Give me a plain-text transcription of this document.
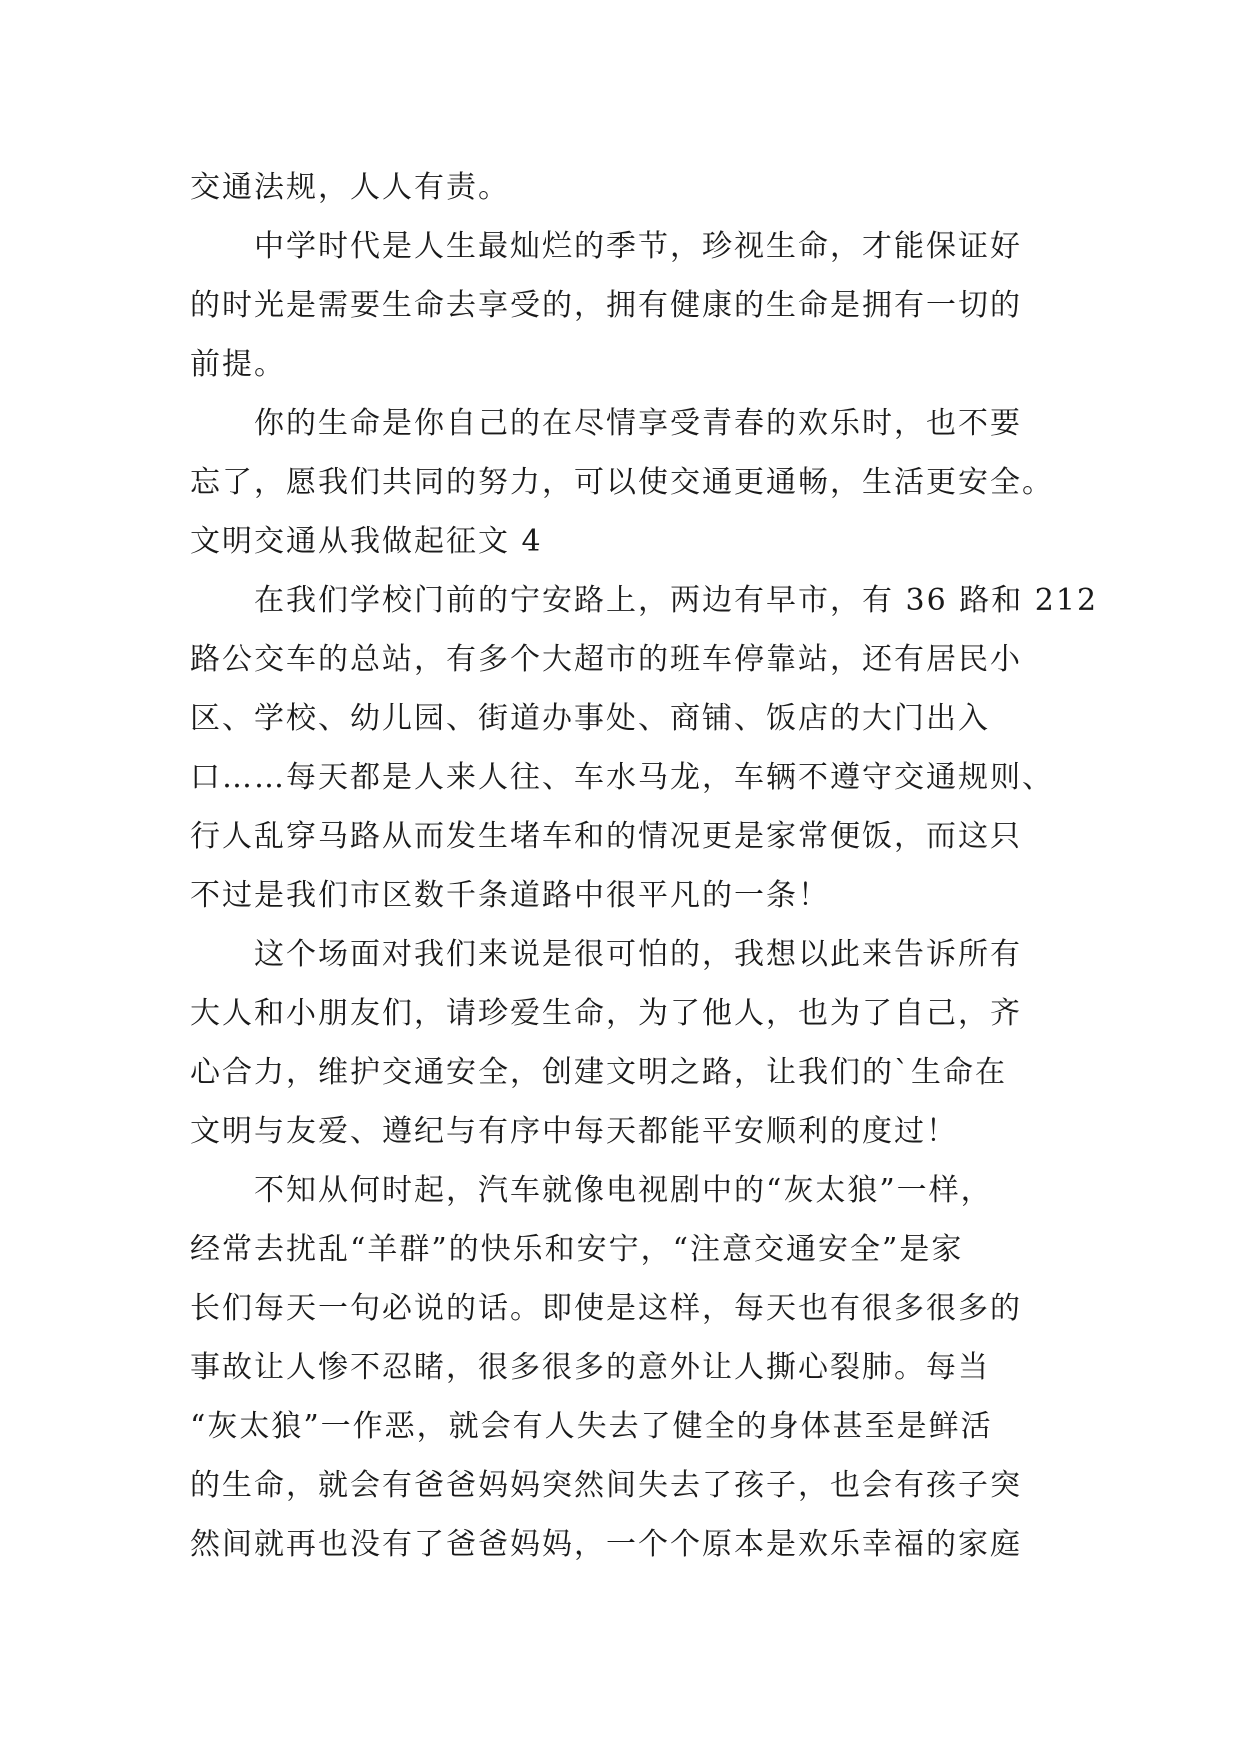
交通法规，人人有责。
中学时代是人生最灿烂的季节，珍视生命，才能保证好
的时光是需要生命去享受的，拥有健康的生命是拥有一切的
前提。
你的生命是你自己的在尽情享受青春的欢乐时，也不要
忘了，愿我们共同的努力，可以使交通更通畅，生活更安全。
文明交通从我做起征文 4
在我们学校门前的宁安路上，两边有早市，有 36 路和 212
路公交车的总站，有多个大超市的班车停靠站，还有居民小
区、学校、幼儿园、街道办事处、商铺、饭店的大门出入
口……每天都是人来人往、车水马龙，车辆不遵守交通规则、
行人乱穿马路从而发生堵车和的情况更是家常便饭，而这只
不过是我们市区数千条道路中很平凡的一条！
这个场面对我们来说是很可怕的，我想以此来告诉所有
大人和小朋友们，请珍爱生命，为了他人，也为了自己，齐
心合力，维护交通安全，创建文明之路，让我们的`生命在
文明与友爱、遵纪与有序中每天都能平安顺利的度过！
不知从何时起，汽车就像电视剧中的“灰太狼”一样，
经常去扰乱“羊群”的快乐和安宁，“注意交通安全”是家
长们每天一句必说的话。即使是这样，每天也有很多很多的
事故让人惨不忍睹，很多很多的意外让人撕心裂肺。每当
“灰太狼”一作恶，就会有人失去了健全的身体甚至是鲜活
的生命，就会有爸爸妈妈突然间失去了孩子，也会有孩子突
然间就再也没有了爸爸妈妈，一个个原本是欢乐幸福的家庭
